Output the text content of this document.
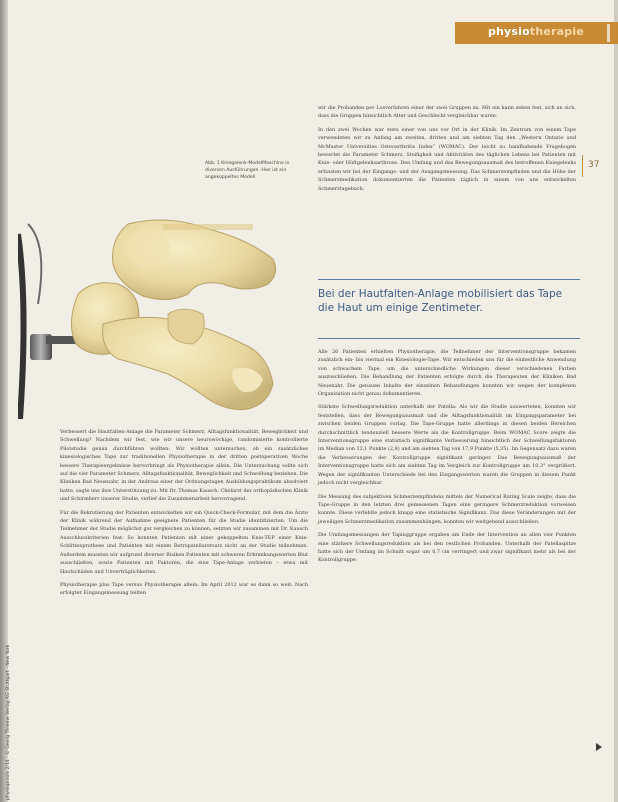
physiotherapie
37
Abb. 1 Kniegelenk-ModelMaschine in diversen Ausführungen. Hier ist ein angekoppeltes Modell.

Verbessert die Hautfalten-Anlage die Parameter Schmerz, Alltagsfunktionalität, Beweglichkeit und Schwellung? Nachdem wir fest, wie wir unsere neurowöchige, randomisierte kontrollierte Pilotstudie genau durchführen wollten: Wir wollten untersuchen, ob ein zusätzliches kinesiologisches Tape zur traditionellen Physiotherapie in der dritten postoperativen Woche bessere Therapieergebnisse hervorbringt als Physiotherapie allein. Die Untersuchung sollte sich auf die vier Parameter Schmerz, Alltagsfunktionalität, Beweglichkeit und Schwellung beziehen. Die Kliniken Bad Neuenahr, in der Andreas einer der Ordnungstagen Ausbildungspraktikum absolviert hatte, sagte uns ihre Unterstützung zu. Mit Dr. Thomas Kausch, Chefarzt der orthopädischen Klinik und Schirmherr unserer Studie, verlief die Zusammenarbeit hervorragend.

Für die Rekrutierung der Patienten entwickelten wir ein Quick-Check-Formular, mit dem die Ärzte der Klinik während der Aufnahme geeignete Patienten für die Studie identifizierten. Um die Teilnehmer der Studie möglichst gut vergleichen zu können, setzten wir zusammen mit Dr. Kausch Ausschlusskriterien fest: So konnten Patienten mit einer gekoppelten Knie-TEP einer Knie-Schlittenprothese und Patienten mit einem Retropatellarersatz nicht an der Studie teilnehmen. Außerdem mussten wir aufgrund diverser Risiken Patienten mit schweren Erkrankungswerten Blut ausschließen, sowie Patienten mit Faktoren, die eine Tape-Anlage verbieten – etwa mit Hautschäden und Unverträglichkeiten.

Physiotherapie plus Tape versus Physiotherapie allein: Im April 2012 war es dann so weit: Nach erfolgter Eingangsmessung teilten

wir die Probanden per Losverfahren einer der zwei Gruppen zu. Mit ein kann sehen fest, sich an sich, dass die Gruppen hinsichtlich Alter und Geschlecht vergleichbar waren.

In den zwei Wochen war stets einer von uns vor Ort in der Klinik. Im Zentrum von einem Tape verwendeten wir zu Anfang am zweiten, dritten und am siebten Tag den „Western Ontario and McMaster Universities Osteoarthritis Index“ (WOMAC). Der leicht zu handhabende Fragebogen bewertet die Parameter Schmerz, Steifigkeit und Aktivitäten des täglichen Lebens bei Patienten mit Knie- oder Hüftgelenksarthrose. Den Umfang und das Bewegungsausmaß des betroffenen Kniegelenks erfassten wir bei der Eingangs- und der Ausgangsmessung. Das Schmerzempfinden und die Höhe der Schmerzmedikation dokumentierten die Patienten täglich in einem von uns entwickelten Schmerztagebuch.

Bei der Hautfalten-Anlage mobilisiert das Tape die Haut um einige Zentimeter.

Alle 26 Patienten erhielten Physiotherapie, die Teilnehmer der Interventionsgruppe bekamen zusätzlich ein- bis viermal ein Kinesiologie-Tape. Wir entschieden uns für die einheitliche Anwendung von schwachem Tape, um die unterschiedliche Wirkungen dieser verschiedenen Farben auszuschließen. Die Behandlung der Patienten erfolgte durch die Therapeuten der Kliniken Bad Neuenahr. Die genauen Inhalte der einzelnen Behandlungen konnten wir wegen der komplexen Organisation nicht genau dokumentieren.

Stärkste Schwellungsreduktion unterhalb der Patella: Als wir die Studie auswerteten, konnten wir feststellen, dass der Bewegungsausmaß und die Alltagsfunktionalität im Eingangsparameter bei zwischen beiden Gruppen vorlag. Die Tape-Gruppe hatte allerdings in diesen beiden Bereichen durchschnittlich tendenziell bessere Werte als die Kontrollgruppe. Beim WOMAC Score zeigte die Interventionsgruppe eine statistisch signifikante Verbesserung hinsichtlich der Schwellungsfaktoren im Median von 12,1 Punkte (2,8) und am siebten Tag von 17,9 Punkte (5,35). Im Gegensatz dazu waren die Verbesserungen der Kontrollgruppe signifikant geringer. Das Bewegungsausmaß der Interventionsgruppe hatte sich am siebten Tag im Vergleich zur Kontrollgruppe um 10,3° vergrößert. Wegen der signifikanten Unterschiede bei den Eingangswerten waren die Gruppen in diesem Punkt jedoch nicht vergleichbar.

Die Messung des subjektiven Schmerzempfindens mittels der Numerical Rating Scale zeigte, dass die Tape-Gruppe in den letzten drei gemessenen Tagen eine geringere Schmerzreduktion vorweisen konnte. Diese verfehlte jedoch knapp eine statistische Signifikanz. Das diese Veränderungen mit der jeweiligen Schmerzmedikation zusammenhängen, konnten wir weitgehend ausschließen.

Die Umfangsmessungen der Tapinggruppe ergaben am Ende der Intervention an allen vier Punkten eine stärkere Schwellungsreduktion als bei den restlichen Probanden. Unterhalb der Patellaspitze hatte sich der Umfang im Schnitt sogar um 0,7 cm verringert und zwar signifikant mehr als bei der Kontrollgruppe.

physiopraxis 2/14 · © Georg Thieme Verlag KG Stuttgart · New York
